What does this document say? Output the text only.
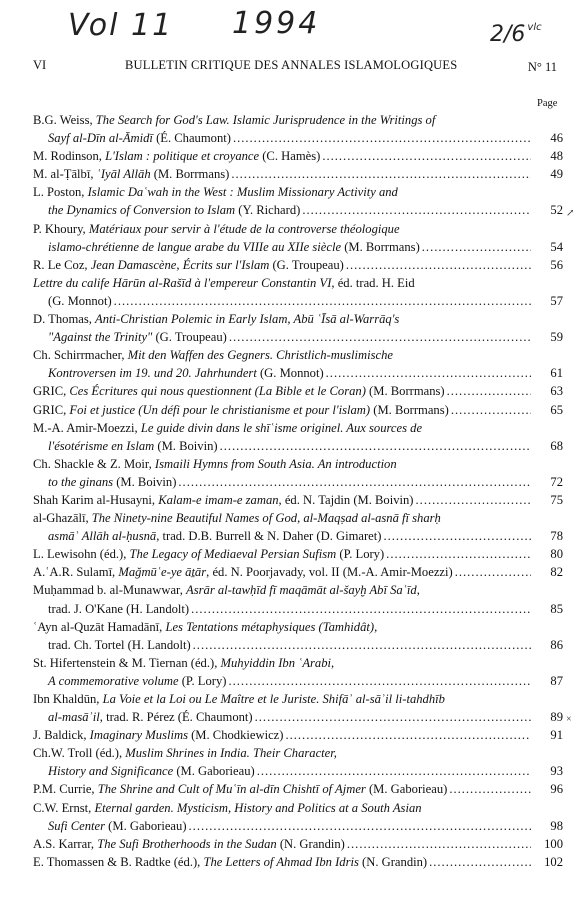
Vol 11 1994	2/6 $^{vlc}$
VI	BULLETIN CRITIQUE DES ANNALES ISLAMOLOGIQUES	N° 11
Page
B.G. Weiss, The Search for God's Law. Islamic Jurisprudence in the Writings of
Sayf al-Dīn al-Āmidī (É. Chaumont) .....	46
M. Rodinson, L'Islam : politique et croyance (C. Hamès) .....	48
M. al-Ṭālbī, ʿIyāl Allāh (M. Borrmans) .....	49
L. Poston, Islamic Daʿwah in the West : Muslim Missionary Activity and
the Dynamics of Conversion to Islam (Y. Richard) .....	52 ↗
P. Khoury, Matériaux pour servir à l'étude de la controverse théologique
islamo-chrétienne de langue arabe du VIIIe au XIIe siècle (M. Borrmans) .....	54
R. Le Coz, Jean Damascène, Écrits sur l'Islam (G. Troupeau) .....	56
Lettre du calife Hārūn al-Rašīd à l'empereur Constantin VI, éd. trad. H. Eid
(G. Monnot) .....	57
D. Thomas, Anti-Christian Polemic in Early Islam, Abū ʿĪsā al-Warrāq's
"Against the Trinity" (G. Troupeau) .....	59
Ch. Schirrmacher, Mit den Waffen des Gegners. Christlich-muslimische
Kontroversen im 19. und 20. Jahrhundert (G. Monnot) .....	61
GRIC, Ces Écritures qui nous questionnent (La Bible et le Coran) (M. Borrmans) .....	63
GRIC, Foi et justice (Un défi pour le christianisme et pour l'islam) (M. Borrmans) .....	65
M.-A. Amir-Moezzi, Le guide divin dans le shīʿisme originel. Aux sources de
l'ésotérisme en Islam (M. Boivin) .....	68
Ch. Shackle & Z. Moir, Ismaili Hymns from South Asia. An introduction
to the ginans (M. Boivin) .....	72
Shah Karim al-Husayni, Kalam-e imam-e zaman, éd. N. Tajdin (M. Boivin) .....	75
al-Ghazālī, The Ninety-nine Beautiful Names of God, al-Maqṣad al-asnā fī sharḥ
asmāʾ Allāh al-ḥusnā, trad. D.B. Burrell & N. Daher (D. Gimaret) .....	78
L. Lewisohn (éd.), The Legacy of Mediaeval Persian Sufism (P. Lory) .....	80
A.ʿA.R. Sulamī, Maǧmūʿe-ye āṯār, éd. N. Poorjavady, vol. II (M.-A. Amir-Moezzi) .....	82
Muḥammad b. al-Munawwar, Asrār al-tawḥīd fī maqāmāt al-šayḫ Abī Saʿīd,
trad. J. O'Kane (H. Landolt) .....	85
ʿAyn al-Quzāt Hamadānī, Les Tentations métaphysiques (Tamhidât),
trad. Ch. Tortel (H. Landolt) .....	86
St. Hifertenstein & M. Tiernan (éd.), Muhyiddin Ibn ʿArabi,
A commemorative volume (P. Lory) .....	87
Ibn Khaldūn, La Voie et la Loi ou Le Maître et le Juriste. Shifāʾ al-sāʾil li-tahdhīb
al-masāʾil, trad. R. Pérez (É. Chaumont) .....	89 ×
J. Baldick, Imaginary Muslims (M. Chodkiewicz) .....	91
Ch.W. Troll (éd.), Muslim Shrines in India. Their Character,
History and Significance (M. Gaborieau) .....	93
P.M. Currie, The Shrine and Cult of Muʿīn al-dīn Chishtī of Ajmer (M. Gaborieau) .....	96
C.W. Ernst, Eternal garden. Mysticism, History and Politics at a South Asian
Sufi Center (M. Gaborieau) .....	98
A.S. Karrar, The Sufi Brotherhoods in the Sudan (N. Grandin) .....	100
E. Thomassen & B. Radtke (éd.), The Letters of Ahmad Ibn Idris (N. Grandin) .....	102
